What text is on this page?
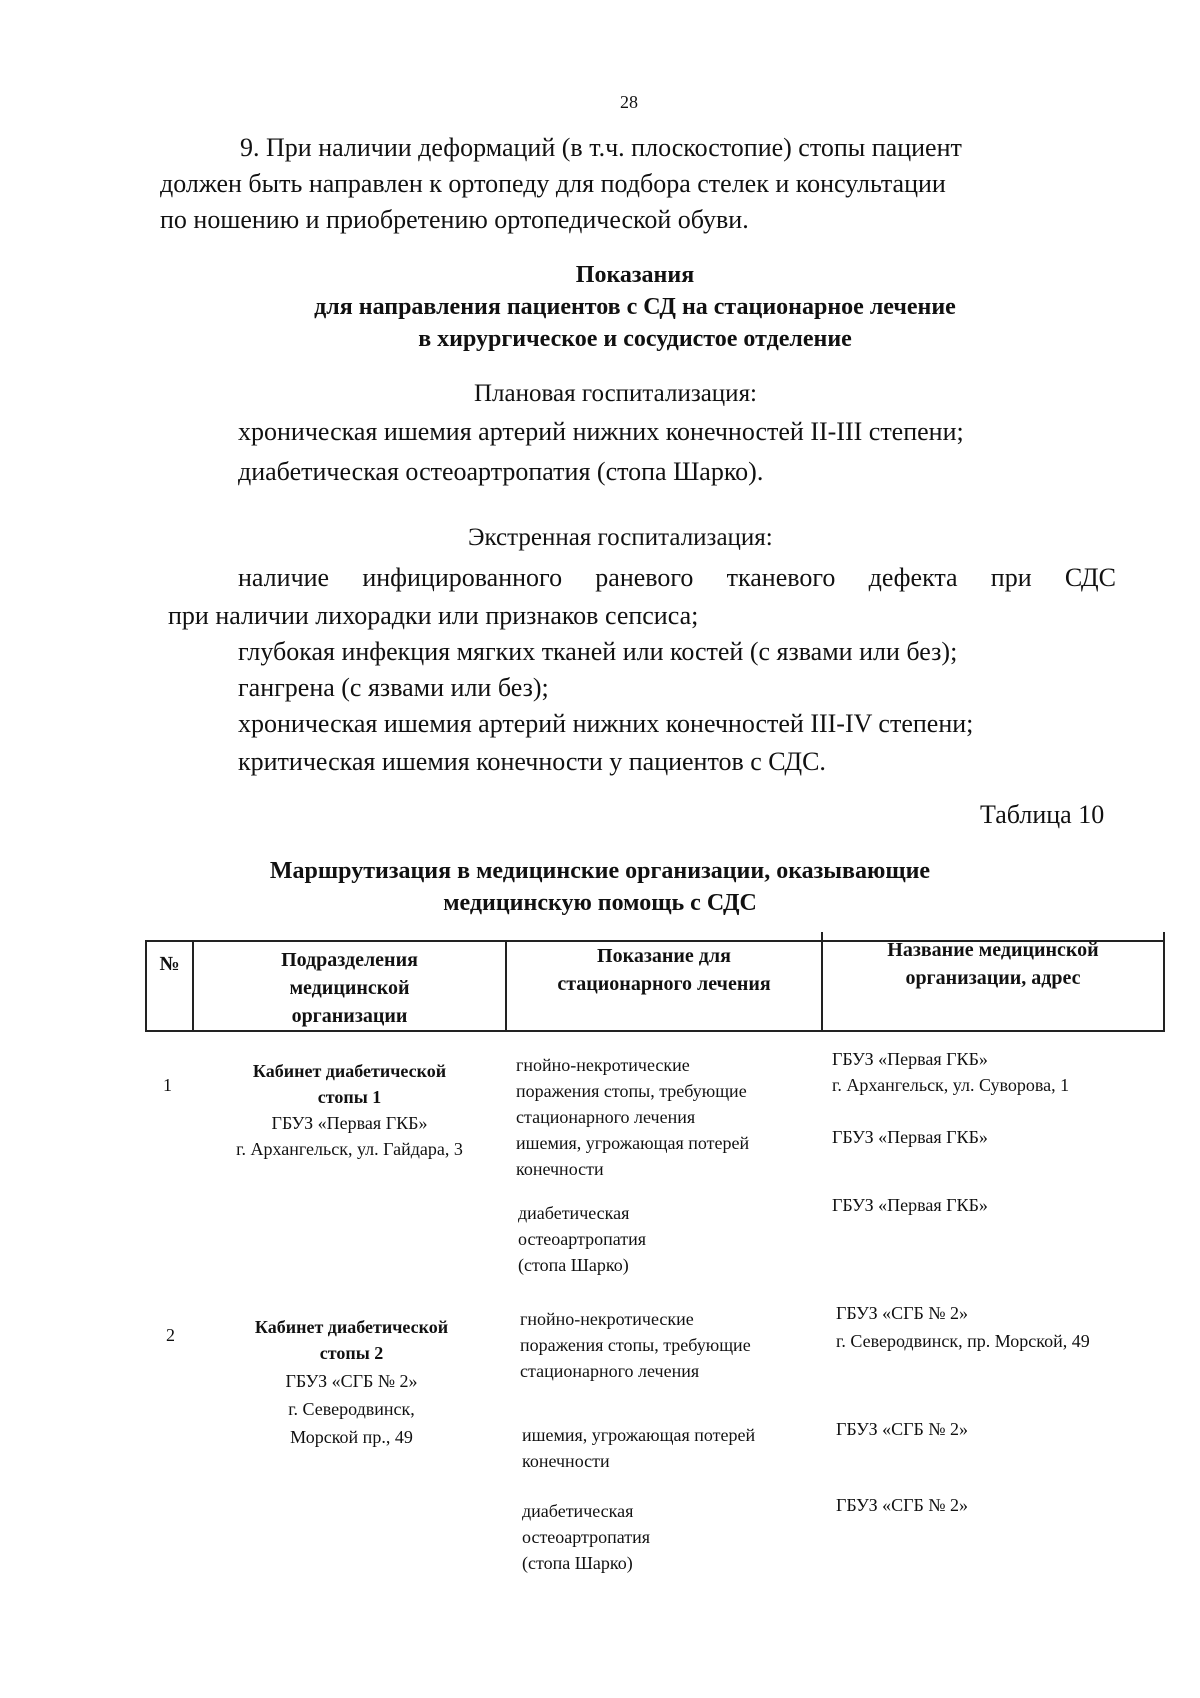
28
9. При наличии деформаций (в т.ч. плоскостопие) стопы пациент
должен быть направлен к ортопеду для подбора стелек и консультации
по ношению и приобретению ортопедической обуви.
Показания
для направления пациентов с СД на стационарное лечение
в хирургическое и сосудистое отделение
Плановая госпитализация:
хроническая ишемия артерий нижних конечностей II-III степени;
диабетическая остеоартропатия (стопа Шарко).
Экстренная госпитализация:
наличие инфицированного раневого тканевого дефекта при СДС
при наличии лихорадки или признаков сепсиса;
глубокая инфекция мягких тканей или костей (с язвами или без);
гангрена (с язвами или без);
хроническая ишемия артерий нижних конечностей III-IV степени;
критическая ишемия конечности у пациентов с СДС.
Таблица 10
Маршрутизация в медицинские организации, оказывающие
медицинскую помощь с СДС
№	Подразделения
медицинской
организации
Показание для
стационарного лечения
Название медицинской
организации, адрес
1
Кабинет диабетической
стопы 1
ГБУЗ «Первая ГКБ»
г. Архангельск, ул. Гайдара, 3
гнойно-некротические
поражения стопы, требующие
стационарного лечения
ишемия, угрожающая потерей
конечности
диабетическая
остеоартропатия
(стопа Шарко)
ГБУЗ «Первая ГКБ»
г. Архангельск, ул. Суворова, 1
ГБУЗ «Первая ГКБ»
ГБУЗ «Первая ГКБ»
2	Кабинет диабетической
стопы 2
ГБУЗ «СГБ № 2»
г. Северодвинск,
Морской пр., 49
гнойно-некротические
поражения стопы, требующие
стационарного лечения
ишемия, угрожающая потерей
конечности
диабетическая
остеоартропатия
(стопа Шарко)
ГБУЗ «СГБ № 2»
г. Северодвинск, пр. Морской, 49
ГБУЗ «СГБ № 2»
ГБУЗ «СГБ № 2»
